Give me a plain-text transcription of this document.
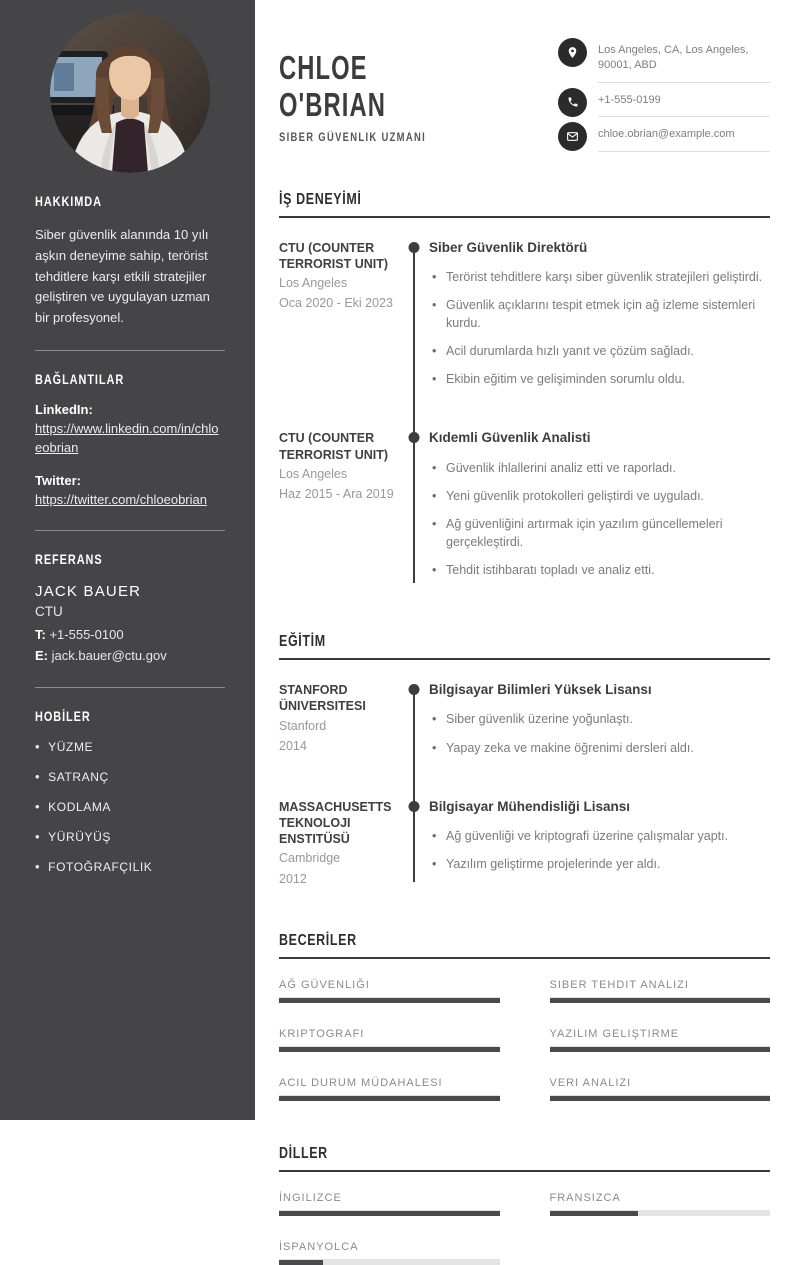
HAKKIMDA

Siber güvenlik alanında 10 yılı aşkın deneyime sahip, terörist tehditlere karşı etkili stratejiler geliştiren ve uygulayan uzman bir profesyonel.

BAĞLANTILAR
LinkedIn:
https://www.linkedin.com/in/chloeobrian
Twitter:
https://twitter.com/chloeobrian
REFERANS
JACK BAUER
CTU
T: +1-555-0100
E: jack.bauer@ctu.gov
HOBİLER
• YÜZME
• SATRANÇ
• KODLAMA
• YÜRÜYÜŞ
• FOTOĞRAFÇILIK
CHLOE
O'BRIAN
SIBER GÜVENLIK UZMANI
Los Angeles, CA, Los Angeles, 90001, ABD
+1-555-0199
chloe.obrian@example.com
İŞ DENEYİMİ
CTU (COUNTER TERRORIST UNIT)
Los Angeles
Oca 2020 - Eki 2023
Siber Güvenlik Direktörü
• Terörist tehditlere karşı siber güvenlik stratejileri geliştirdi.
• Güvenlik açıklarını tespit etmek için ağ izleme sistemleri kurdu.
• Acil durumlarda hızlı yanıt ve çözüm sağladı.
• Ekibin eğitim ve gelişiminden sorumlu oldu.
CTU (COUNTER TERRORIST UNIT)
Los Angeles
Haz 2015 - Ara 2019
Kıdemli Güvenlik Analisti
• Güvenlik ihlallerini analiz etti ve raporladı.
• Yeni güvenlik protokolleri geliştirdi ve uyguladı.
• Ağ güvenliğini artırmak için yazılım güncellemeleri gerçekleştirdi.
• Tehdit istihbaratı topladı ve analiz etti.
EĞİTİM
STANFORD ÜNIVERSITESI
Stanford
2014
Bilgisayar Bilimleri Yüksek Lisansı
• Siber güvenlik üzerine yoğunlaştı.
• Yapay zeka ve makine öğrenimi dersleri aldı.
MASSACHUSETTS TEKNOLOJI ENSTITÜSÜ
Cambridge
2012
Bilgisayar Mühendisliği Lisansı
• Ağ güvenliği ve kriptografi üzerine çalışmalar yaptı.
• Yazılım geliştirme projelerinde yer aldı.
BECERİLER
AĞ GÜVENLIĞI	SIBER TEHDIT ANALIZI
KRIPTOGRAFI	YAZILIM GELIŞTIRME
ACIL DURUM MÜDAHALESI	VERI ANALIZI
DİLLER
İNGILIZCE	FRANSIZCA
İSPANYOLCA
